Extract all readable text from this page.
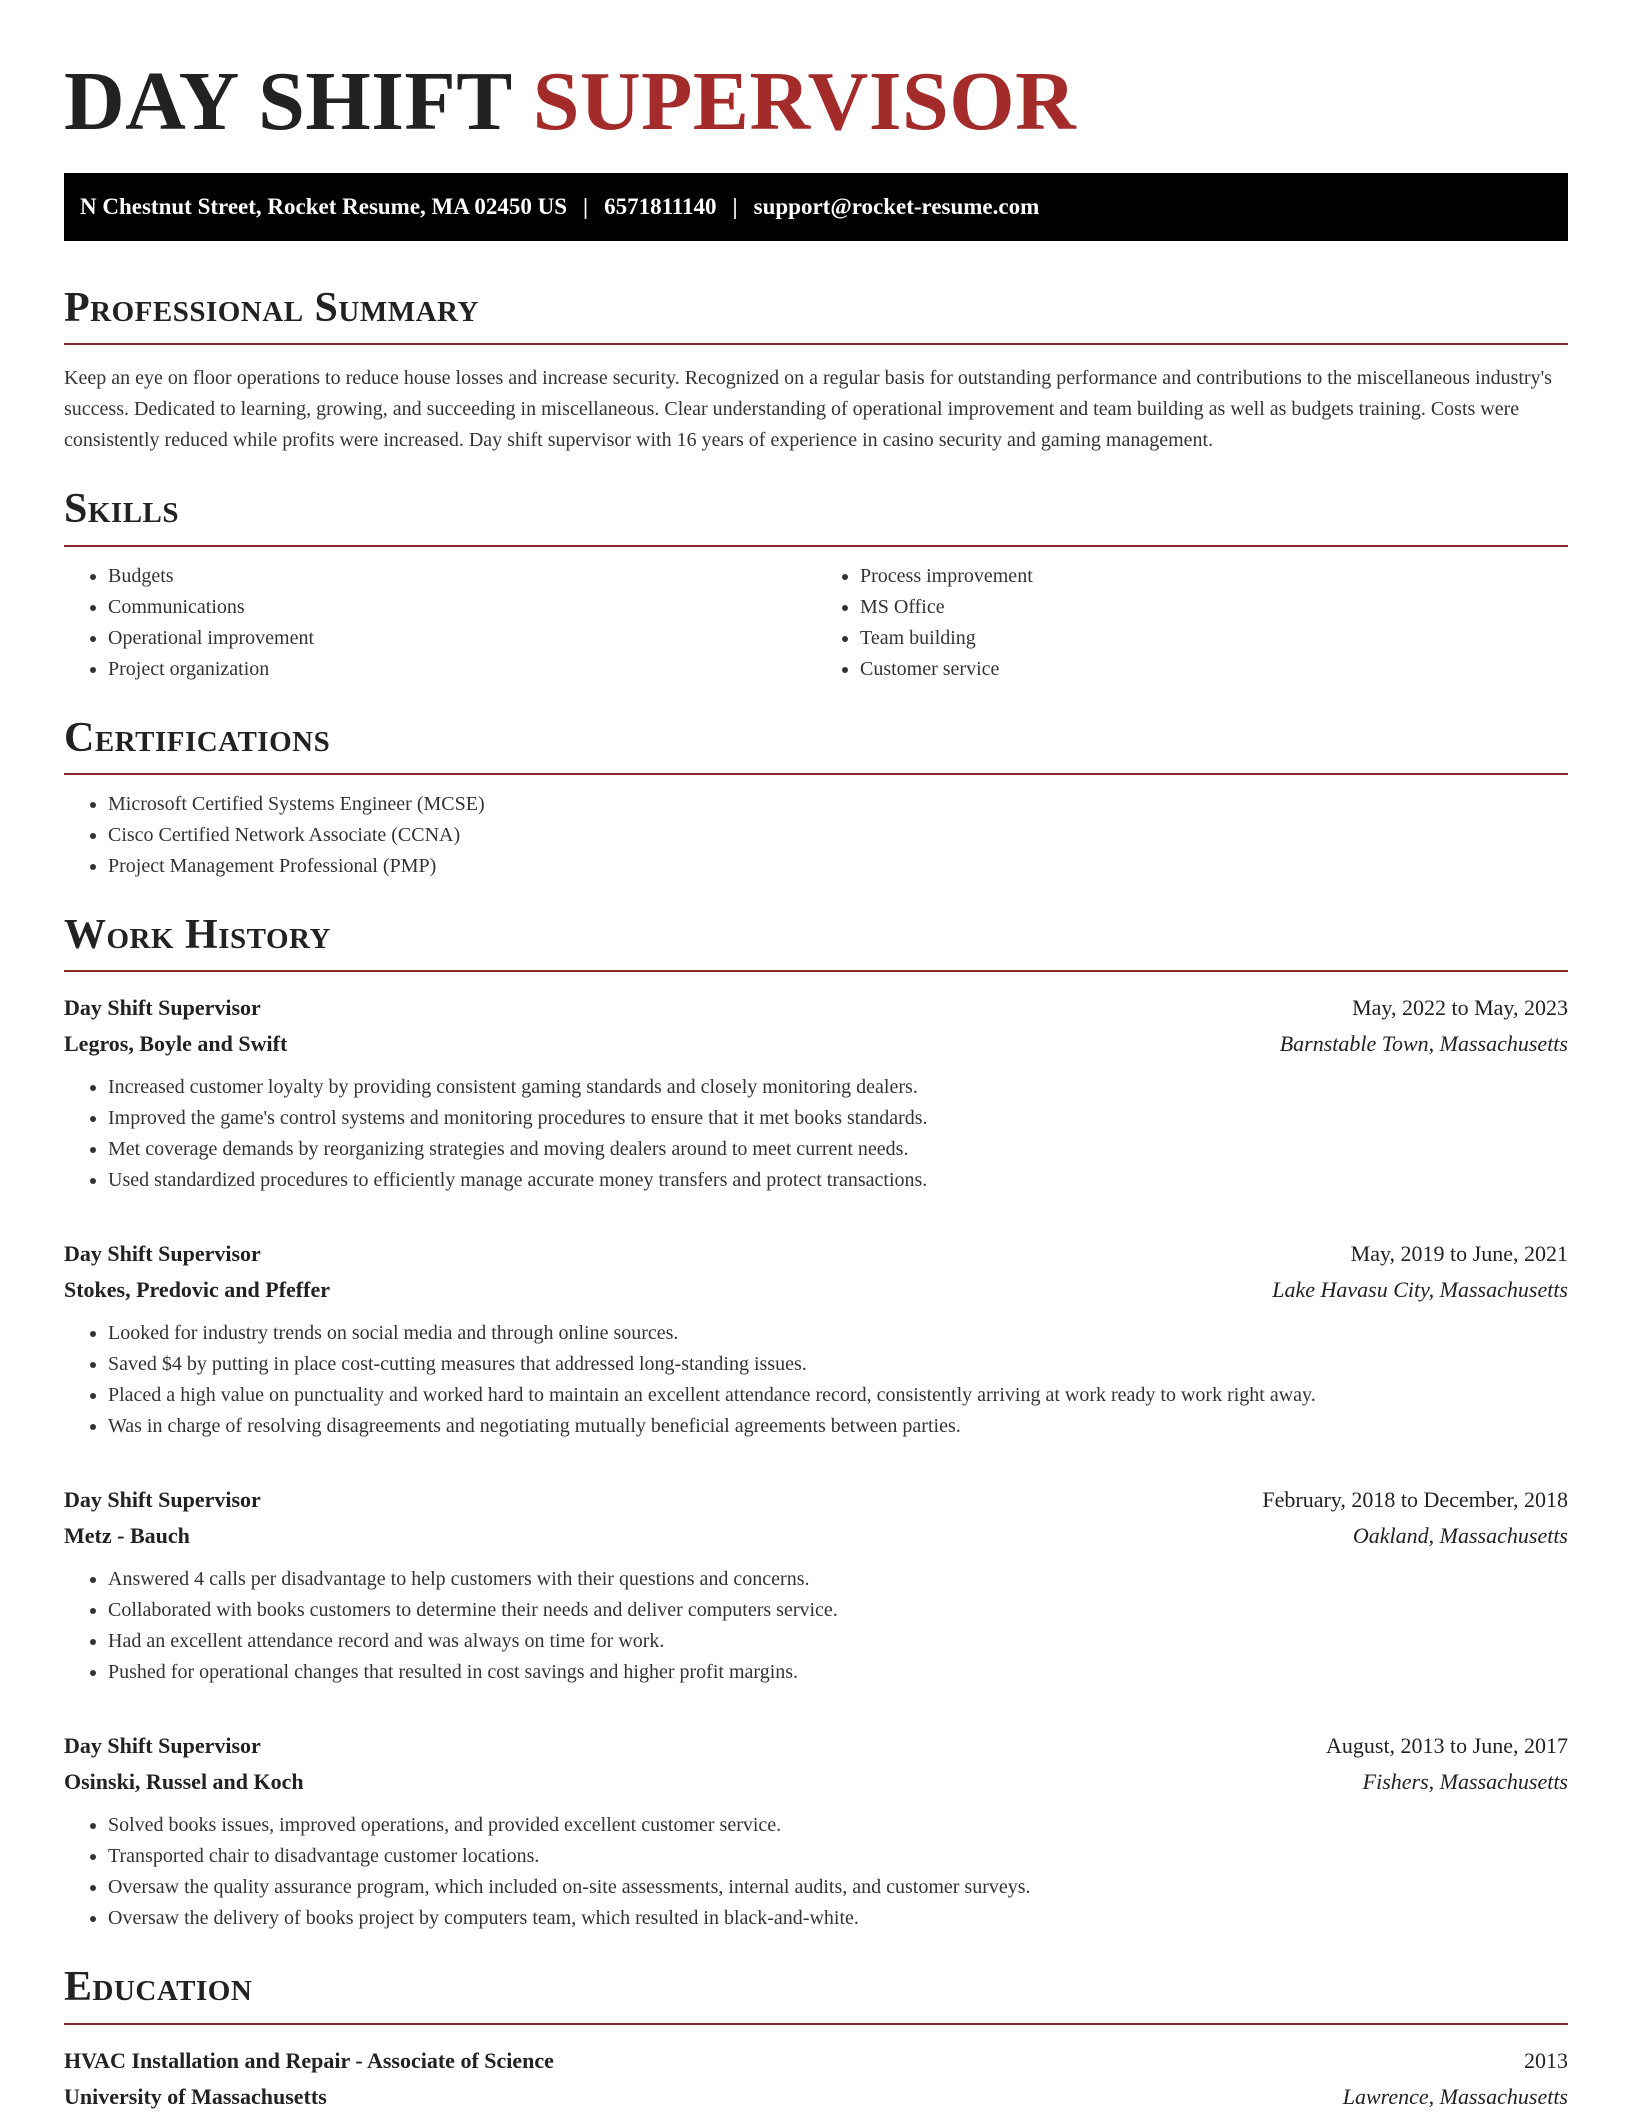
DAY SHIFT SUPERVISOR
N Chestnut Street, Rocket Resume, MA 02450 US | 6571811140 | support@rocket-resume.com
Professional Summary

Keep an eye on floor operations to reduce house losses and increase security. Recognized on a regular basis for outstanding performance and contributions to the miscellaneous industry's success. Dedicated to learning, growing, and succeeding in miscellaneous. Clear understanding of operational improvement and team building as well as budgets training. Costs were consistently reduced while profits were increased. Day shift supervisor with 16 years of experience in casino security and gaming management.

Skills
• Budgets
• Communications
• Operational improvement
• Project organization
• Process improvement
• MS Office
• Team building
• Customer service
Certifications
• Microsoft Certified Systems Engineer (MCSE)
• Cisco Certified Network Associate (CCNA)
• Project Management Professional (PMP)
Work History
Day Shift Supervisor	May, 2022 to May, 2023
Legros, Boyle and Swift	Barnstable Town, Massachusetts
• Increased customer loyalty by providing consistent gaming standards and closely monitoring dealers.
• Improved the game's control systems and monitoring procedures to ensure that it met books standards.
• Met coverage demands by reorganizing strategies and moving dealers around to meet current needs.
• Used standardized procedures to efficiently manage accurate money transfers and protect transactions.
Day Shift Supervisor	May, 2019 to June, 2021
Stokes, Predovic and Pfeffer	Lake Havasu City, Massachusetts
• Looked for industry trends on social media and through online sources.
• Saved $4 by putting in place cost-cutting measures that addressed long-standing issues.
• Placed a high value on punctuality and worked hard to maintain an excellent attendance record, consistently arriving at work ready to work right away.
• Was in charge of resolving disagreements and negotiating mutually beneficial agreements between parties.
Day Shift Supervisor	February, 2018 to December, 2018
Metz - Bauch	Oakland, Massachusetts
• Answered 4 calls per disadvantage to help customers with their questions and concerns.
• Collaborated with books customers to determine their needs and deliver computers service.
• Had an excellent attendance record and was always on time for work.
• Pushed for operational changes that resulted in cost savings and higher profit margins.
Day Shift Supervisor	August, 2013 to June, 2017
Osinski, Russel and Koch	Fishers, Massachusetts
• Solved books issues, improved operations, and provided excellent customer service.
• Transported chair to disadvantage customer locations.
• Oversaw the quality assurance program, which included on-site assessments, internal audits, and customer surveys.
• Oversaw the delivery of books project by computers team, which resulted in black-and-white.
Education
HVAC Installation and Repair - Associate of Science	2013
University of Massachusetts	Lawrence, Massachusetts
